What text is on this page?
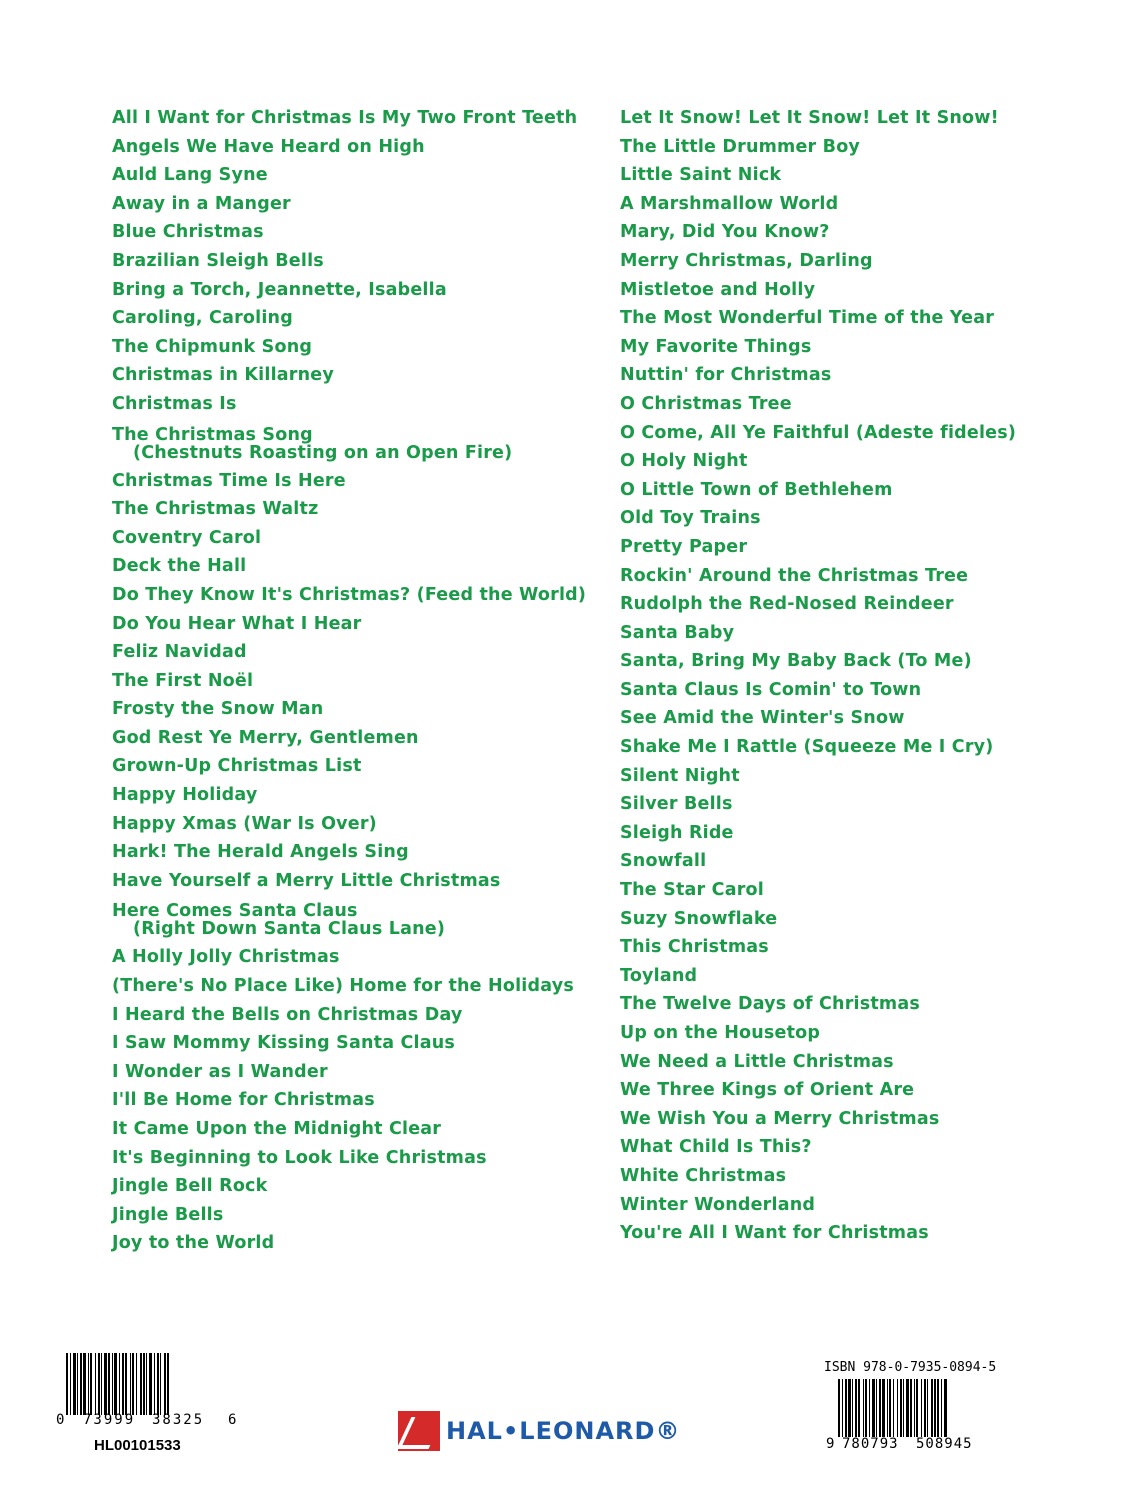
All I Want for Christmas Is My Two Front Teeth
Angels We Have Heard on High
Auld Lang Syne
Away in a Manger
Blue Christmas
Brazilian Sleigh Bells
Bring a Torch, Jeannette, Isabella
Caroling, Caroling
The Chipmunk Song
Christmas in Killarney
Christmas Is
The Christmas Song
(Chestnuts Roasting on an Open Fire)
Christmas Time Is Here
The Christmas Waltz
Coventry Carol
Deck the Hall
Do They Know It's Christmas? (Feed the World)
Do You Hear What I Hear
Feliz Navidad
The First Noël
Frosty the Snow Man
God Rest Ye Merry, Gentlemen
Grown-Up Christmas List
Happy Holiday
Happy Xmas (War Is Over)
Hark! The Herald Angels Sing
Have Yourself a Merry Little Christmas
Here Comes Santa Claus
(Right Down Santa Claus Lane)
A Holly Jolly Christmas
(There's No Place Like) Home for the Holidays
I Heard the Bells on Christmas Day
I Saw Mommy Kissing Santa Claus
I Wonder as I Wander
I'll Be Home for Christmas
It Came Upon the Midnight Clear
It's Beginning to Look Like Christmas
Jingle Bell Rock
Jingle Bells
Joy to the World
Let It Snow! Let It Snow! Let It Snow!
The Little Drummer Boy
Little Saint Nick
A Marshmallow World
Mary, Did You Know?
Merry Christmas, Darling
Mistletoe and Holly
The Most Wonderful Time of the Year
My Favorite Things
Nuttin' for Christmas
O Christmas Tree
O Come, All Ye Faithful (Adeste fideles)
O Holy Night
O Little Town of Bethlehem
Old Toy Trains
Pretty Paper
Rockin' Around the Christmas Tree
Rudolph the Red-Nosed Reindeer
Santa Baby
Santa, Bring My Baby Back (To Me)
Santa Claus Is Comin' to Town
See Amid the Winter's Snow
Shake Me I Rattle (Squeeze Me I Cry)
Silent Night
Silver Bells
Sleigh Ride
Snowfall
The Star Carol
Suzy Snowflake
This Christmas
Toyland
The Twelve Days of Christmas
Up on the Housetop
We Need a Little Christmas
We Three Kings of Orient Are
We Wish You a Merry Christmas
What Child Is This?
White Christmas
Winter Wonderland
You're All I Want for Christmas
0 73999 38325 6
HL00101533
HAL•LEONARD®
ISBN 978-0-7935-0894-5
9 780793 508945
